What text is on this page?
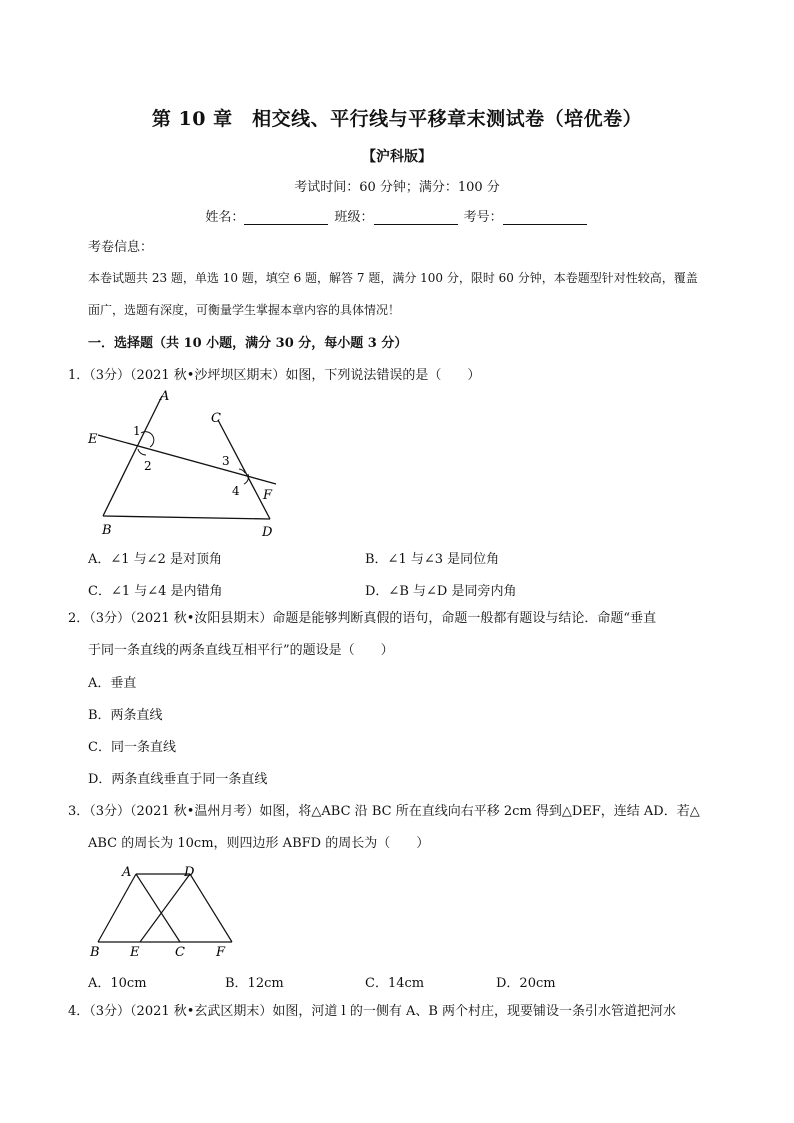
第 10 章　相交线、平行线与平移章末测试卷（培优卷）
【沪科版】
考试时间：60 分钟；满分：100 分
姓名：	班级：	考号：
考卷信息：
本卷试题共 23 题，单选 10 题，填空 6 题，解答 7 题，满分 100 分，限时 60 分钟，本卷题型针对性较高，覆盖
面广，选题有深度，可衡量学生掌握本章内容的具体情况！
一．选择题（共 10 小题，满分 30 分，每小题 3 分）
1．（3分）（2021 秋•沙坪坝区期末）如图，下列说法错误的是（　　）
A
C
E
1
2	3
4 F
B	D
A．∠1 与∠2 是对顶角	B．∠1 与∠3 是同位角
C．∠1 与∠4 是内错角	D．∠B 与∠D 是同旁内角
2．（3分）（2021 秋•汝阳县期末）命题是能够判断真假的语句，命题一般都有题设与结论．命题“垂直
于同一条直线的两条直线互相平行”的题设是（　　）
A．垂直
B．两条直线
C．同一条直线
D．两条直线垂直于同一条直线
3．（3分）（2021 秋•温州月考）如图，将△ABC 沿 BC 所在直线向右平移 2cm 得到△DEF，连结 AD．若△
ABC 的周长为 10cm，则四边形 ABFD 的周长为（　　）
A	D
B E	C F
A．10cm	B．12cm	C．14cm	D．20cm
4．（3分）（2021 秋•玄武区期末）如图，河道 l 的一侧有 A、B 两个村庄，现要铺设一条引水管道把河水
